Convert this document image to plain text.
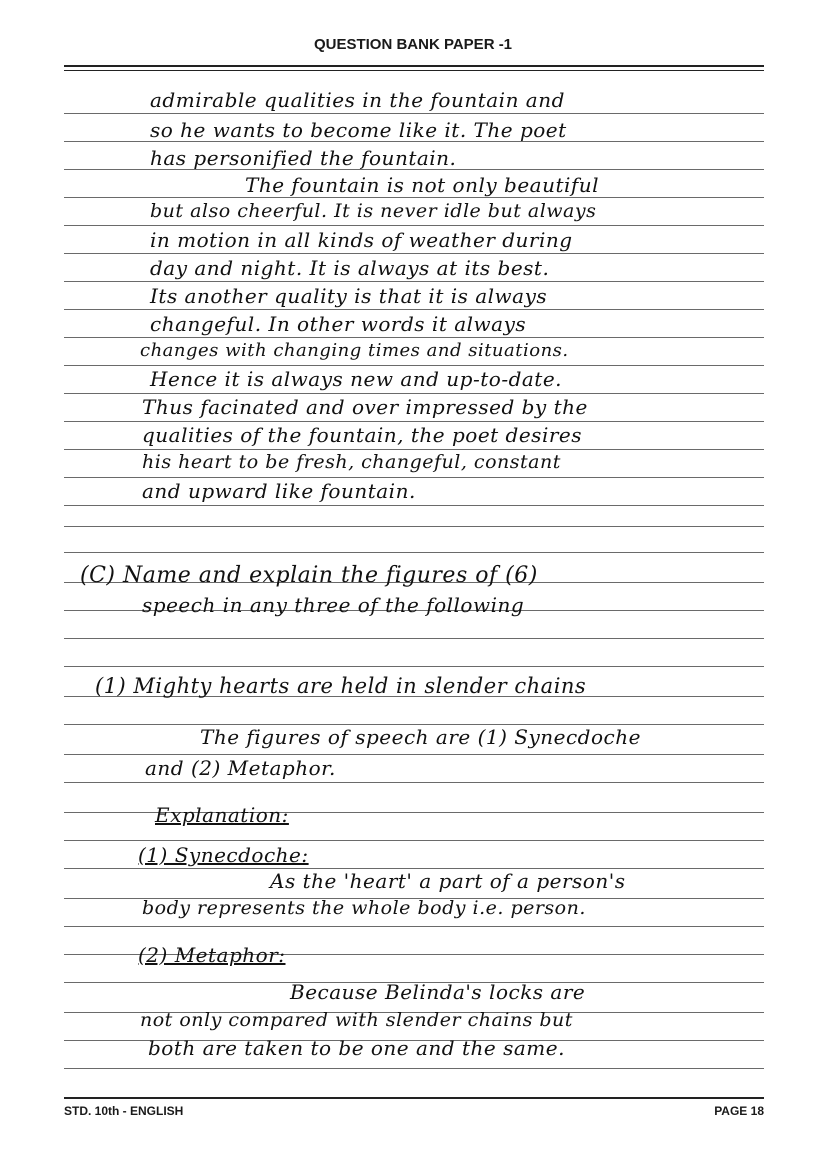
QUESTION BANK PAPER -1
admirable qualities in the fountain and
so he wants to become like it. The poet
has personified the fountain.
The fountain is not only beautiful
but also cheerful. It is never idle but always
in motion in all kinds of weather during
day and night. It is always at its best.
Its another quality is that it is always
changeful. In other words it always
changes with changing times and situations.
Hence it is always new and up-to-date.
Thus facinated and over impressed by the
qualities of the fountain, the poet desires
his heart to be fresh, changeful, constant
and upward like fountain.
(C) Name and explain the figures of (6)
speech in any three of the following
(1) Mighty hearts are held in slender chains
The figures of speech are (1) Synecdoche
and (2) Metaphor.
Explanation:
(1) Synecdoche:
As the 'heart' a part of a person's
body represents the whole body i.e. person.
(2) Metaphor:
Because Belinda's locks are
not only compared with slender chains but
both are taken to be one and the same.
STD. 10th - ENGLISH	PAGE 18
